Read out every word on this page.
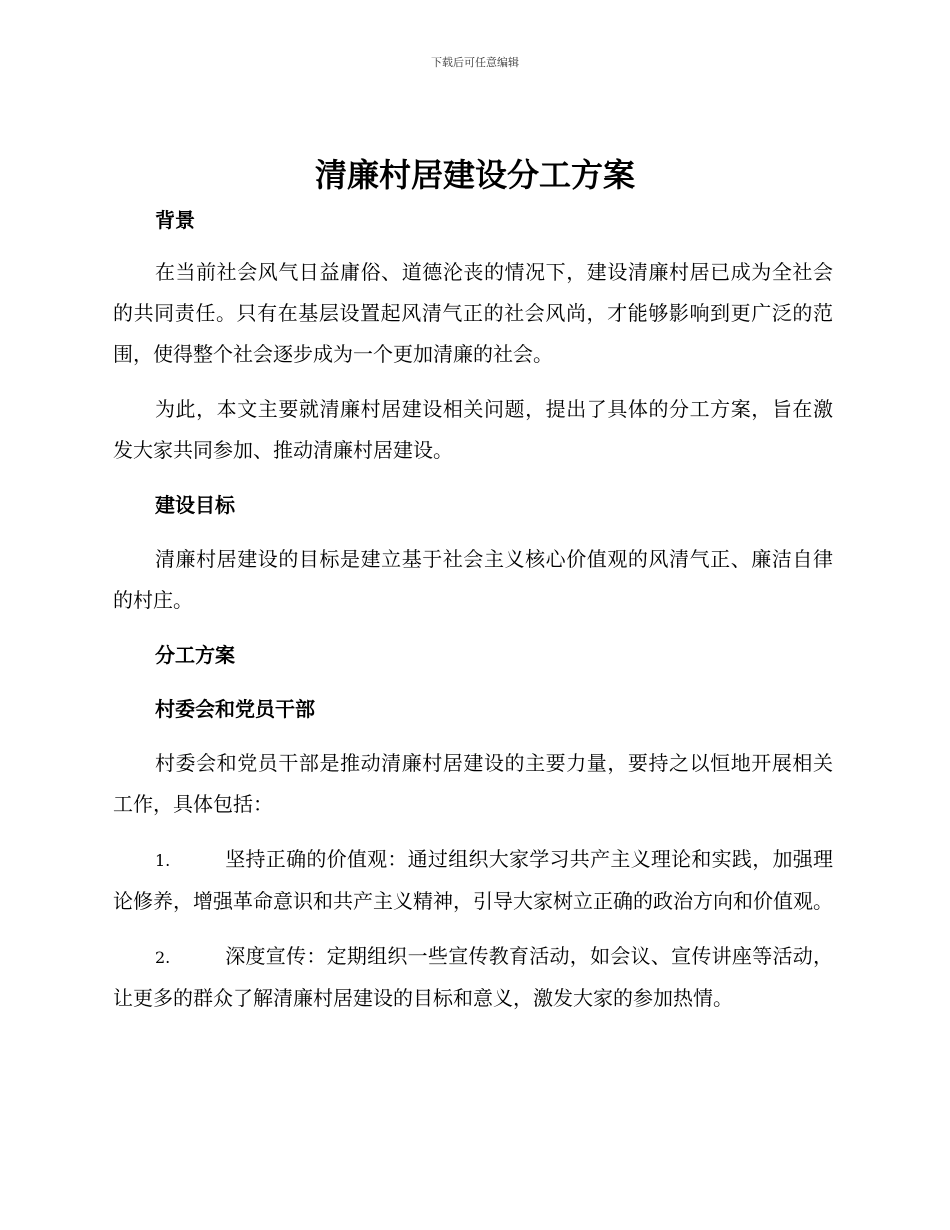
下载后可任意编辑
清廉村居建设分工方案

背景

在当前社会风气日益庸俗、道德沦丧的情况下，建设清廉村居已成为全社会的共同责任。只有在基层设置起风清气正的社会风尚，才能够影响到更广泛的范围，使得整个社会逐步成为一个更加清廉的社会。

为此，本文主要就清廉村居建设相关问题，提出了具体的分工方案，旨在激发大家共同参加、推动清廉村居建设。

建设目标

清廉村居建设的目标是建立基于社会主义核心价值观的风清气正、廉洁自律的村庄。

分工方案

村委会和党员干部

村委会和党员干部是推动清廉村居建设的主要力量，要持之以恒地开展相关工作，具体包括：

1.	坚持正确的价值观：通过组织大家学习共产主义理论和实践，加强理论修养，增强革命意识和共产主义精神，引导大家树立正确的政治方向和价值观。

2.	深度宣传：定期组织一些宣传教育活动，如会议、宣传讲座等活动，让更多的群众了解清廉村居建设的目标和意义，激发大家的参加热情。
